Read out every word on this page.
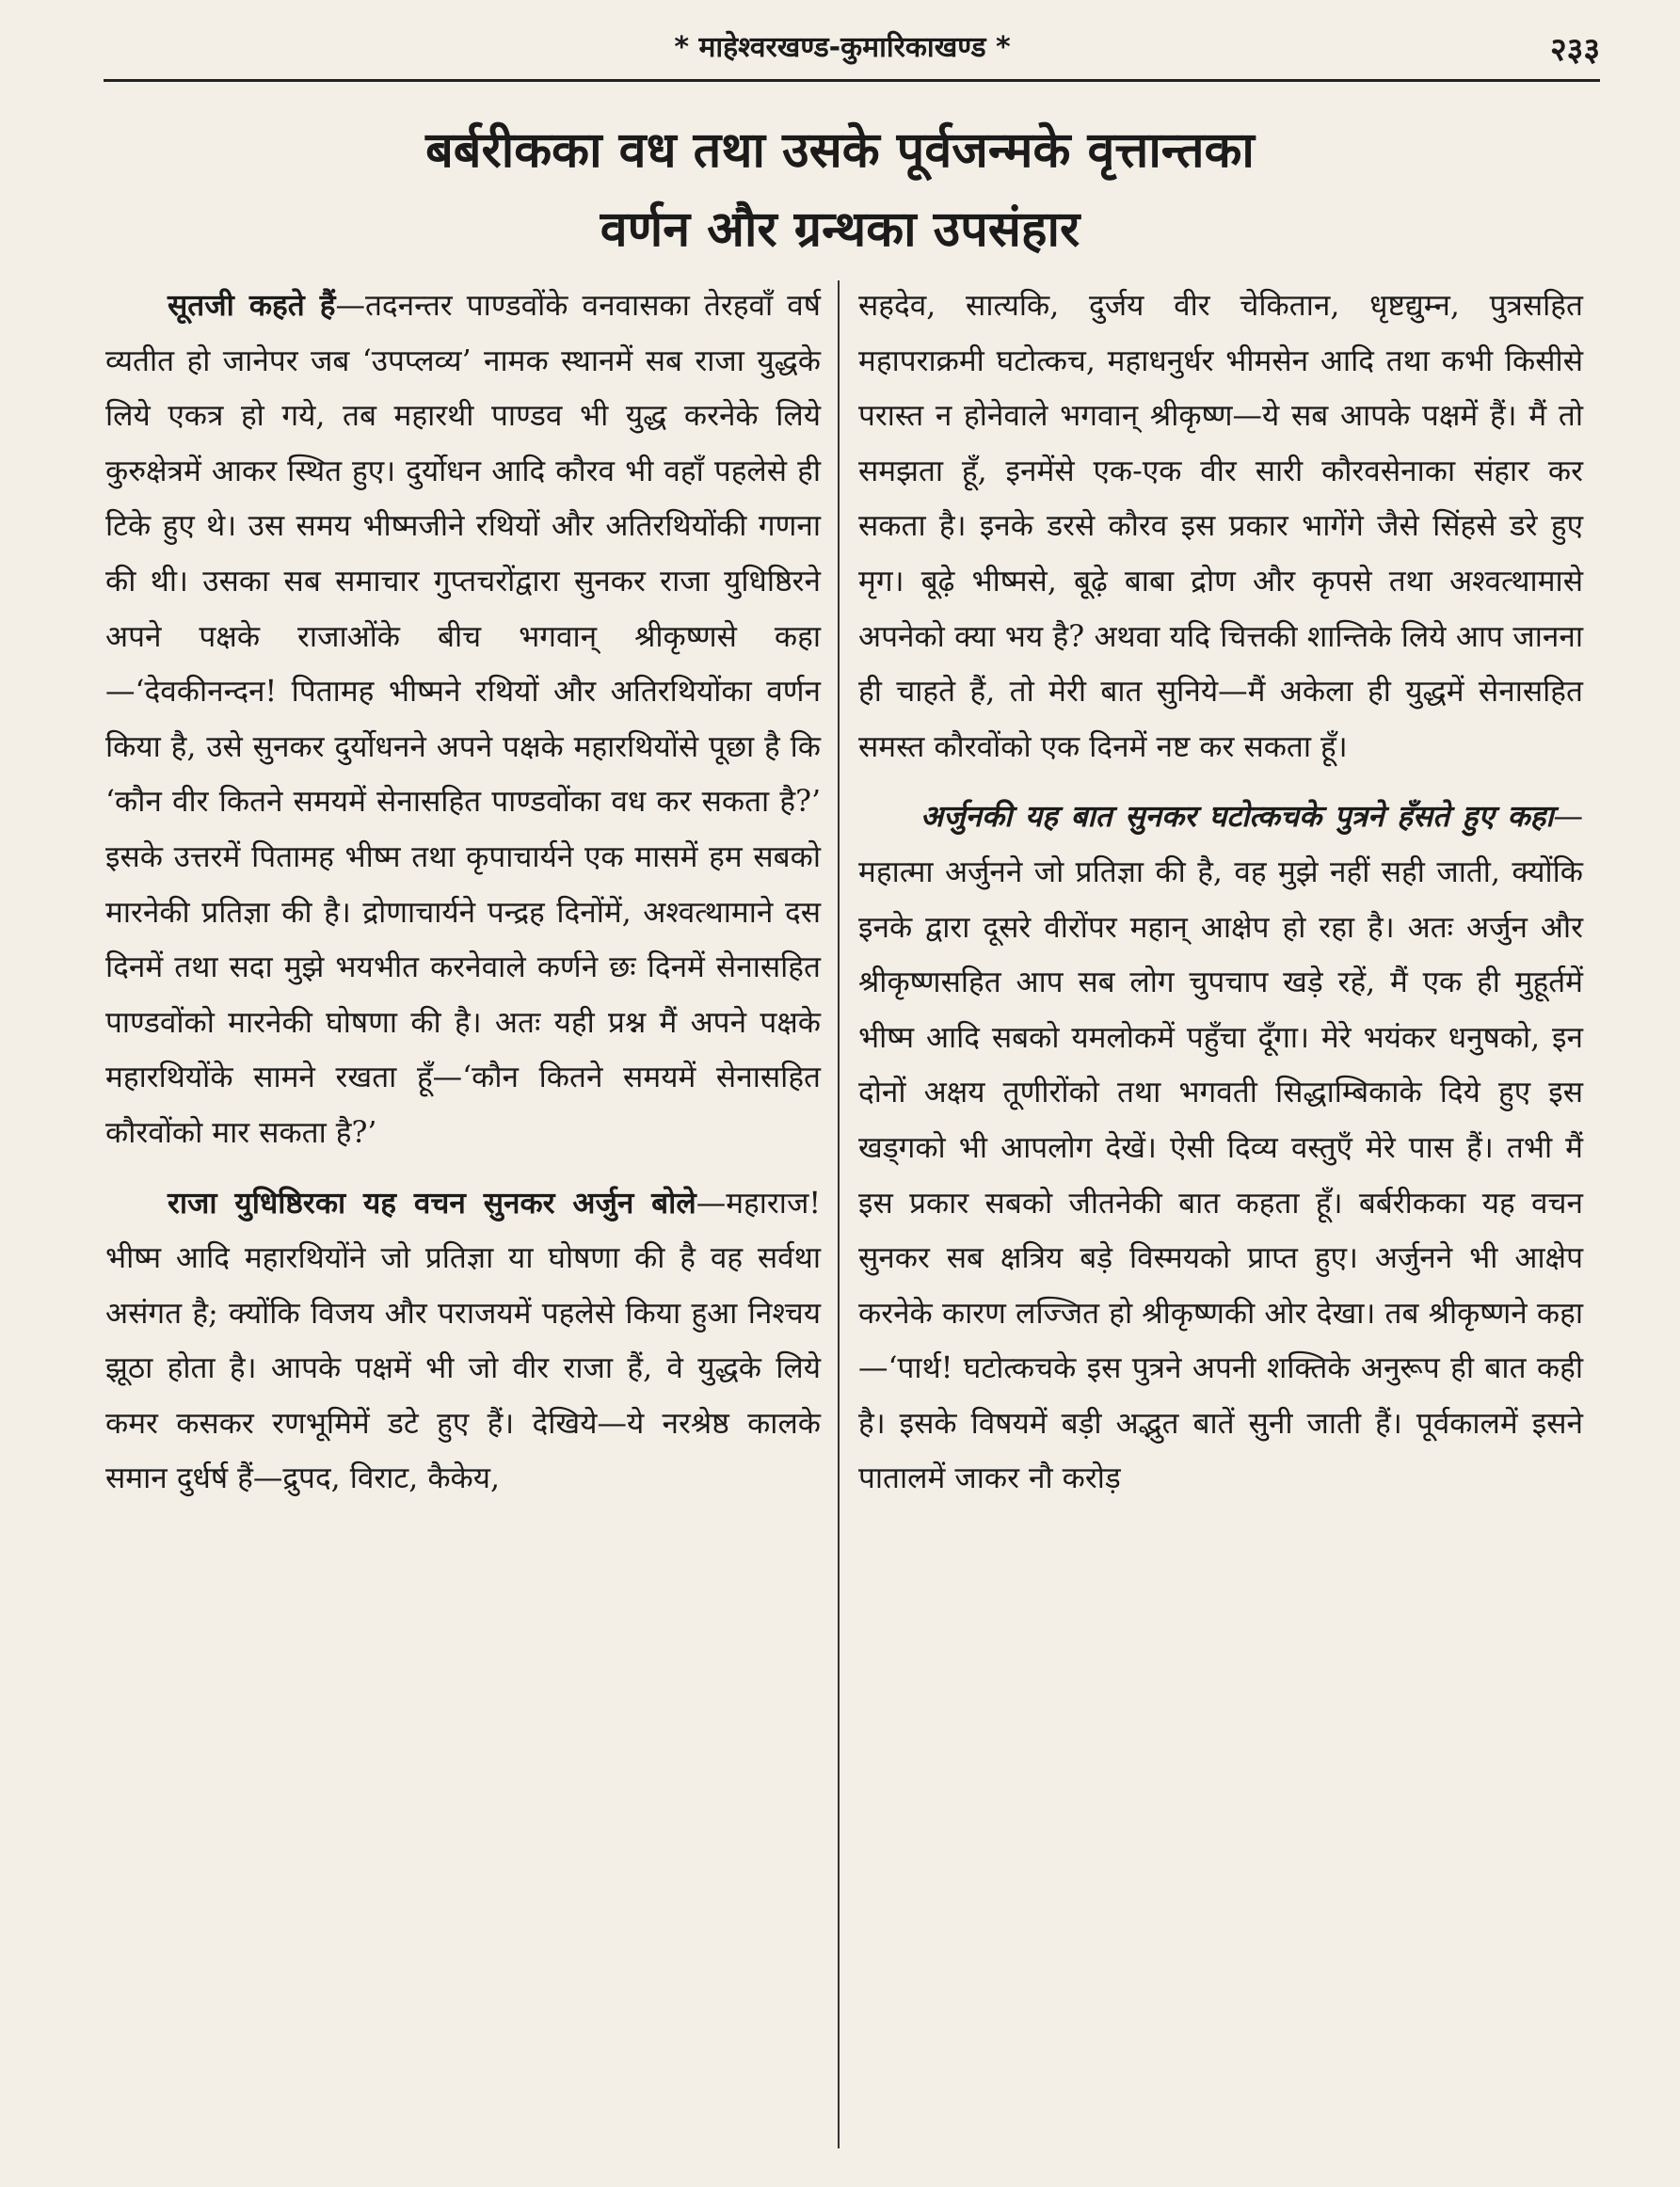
* माहेश्वरखण्ड-कुमारिकाखण्ड *	२३३
बर्बरीकका वध तथा उसके पूर्वजन्मके वृत्तान्तका
वर्णन और ग्रन्थका उपसंहार

सूतजी कहते हैं—तदनन्तर पाण्डवोंके वनवासका तेरहवाँ वर्ष व्यतीत हो जानेपर जब ‘उपप्लव्य’ नामक स्थानमें सब राजा युद्धके लिये एकत्र हो गये, तब महारथी पाण्डव भी युद्ध करनेके लिये कुरुक्षेत्रमें आकर स्थित हुए। दुर्योधन आदि कौरव भी वहाँ पहलेसे ही टिके हुए थे। उस समय भीष्मजीने रथियों और अतिरथियोंकी गणना की थी। उसका सब समाचार गुप्तचरोंद्वारा सुनकर राजा युधिष्ठिरने अपने पक्षके राजाओंके बीच भगवान् श्रीकृष्णसे कहा—‘देवकीनन्दन! पितामह भीष्मने रथियों और अतिरथियोंका वर्णन किया है, उसे सुनकर दुर्योधनने अपने पक्षके महारथियोंसे पूछा है कि ‘कौन वीर कितने समयमें सेनासहित पाण्डवोंका वध कर सकता है?’ इसके उत्तरमें पितामह भीष्म तथा कृपाचार्यने एक मासमें हम सबको मारनेकी प्रतिज्ञा की है। द्रोणाचार्यने पन्द्रह दिनोंमें, अश्वत्थामाने दस दिनमें तथा सदा मुझे भयभीत करनेवाले कर्णने छः दिनमें सेनासहित पाण्डवोंको मारनेकी घोषणा की है। अतः यही प्रश्न मैं अपने पक्षके महारथियोंके सामने रखता हूँ—‘कौन कितने समयमें सेनासहित कौरवोंको मार सकता है?’

राजा युधिष्ठिरका यह वचन सुनकर अर्जुन बोले—महाराज! भीष्म आदि महारथियोंने जो प्रतिज्ञा या घोषणा की है वह सर्वथा असंगत है; क्योंकि विजय और पराजयमें पहलेसे किया हुआ निश्चय झूठा होता है। आपके पक्षमें भी जो वीर राजा हैं, वे युद्धके लिये कमर कसकर रणभूमिमें डटे हुए हैं। देखिये—ये नरश्रेष्ठ कालके समान दुर्धर्ष हैं—द्रुपद, विराट, कैकेय,

सहदेव, सात्यकि, दुर्जय वीर चेकितान, धृष्टद्युम्न, पुत्रसहित महापराक्रमी घटोत्कच, महाधनुर्धर भीमसेन आदि तथा कभी किसीसे परास्त न होनेवाले भगवान् श्रीकृष्ण—ये सब आपके पक्षमें हैं। मैं तो समझता हूँ, इनमेंसे एक-एक वीर सारी कौरवसेनाका संहार कर सकता है। इनके डरसे कौरव इस प्रकार भागेंगे जैसे सिंहसे डरे हुए मृग। बूढ़े भीष्मसे, बूढ़े बाबा द्रोण और कृपसे तथा अश्वत्थामासे अपनेको क्या भय है? अथवा यदि चित्तकी शान्तिके लिये आप जानना ही चाहते हैं, तो मेरी बात सुनिये—मैं अकेला ही युद्धमें सेनासहित समस्त कौरवोंको एक दिनमें नष्ट कर सकता हूँ।

अर्जुनकी यह बात सुनकर घटोत्कचके पुत्रने हँसते हुए कहा—महात्मा अर्जुनने जो प्रतिज्ञा की है, वह मुझे नहीं सही जाती, क्योंकि इनके द्वारा दूसरे वीरोंपर महान् आक्षेप हो रहा है। अतः अर्जुन और श्रीकृष्णसहित आप सब लोग चुपचाप खड़े रहें, मैं एक ही मुहूर्तमें भीष्म आदि सबको यमलोकमें पहुँचा दूँगा। मेरे भयंकर धनुषको, इन दोनों अक्षय तूणीरोंको तथा भगवती सिद्धाम्बिकाके दिये हुए इस खड्गको भी आपलोग देखें। ऐसी दिव्य वस्तुएँ मेरे पास हैं। तभी मैं इस प्रकार सबको जीतनेकी बात कहता हूँ। बर्बरीकका यह वचन सुनकर सब क्षत्रिय बड़े विस्मयको प्राप्त हुए। अर्जुनने भी आक्षेप करनेके कारण लज्जित हो श्रीकृष्णकी ओर देखा। तब श्रीकृष्णने कहा—‘पार्थ! घटोत्कचके इस पुत्रने अपनी शक्तिके अनुरूप ही बात कही है। इसके विषयमें बड़ी अद्भुत बातें सुनी जाती हैं। पूर्वकालमें इसने पातालमें जाकर नौ करोड़
